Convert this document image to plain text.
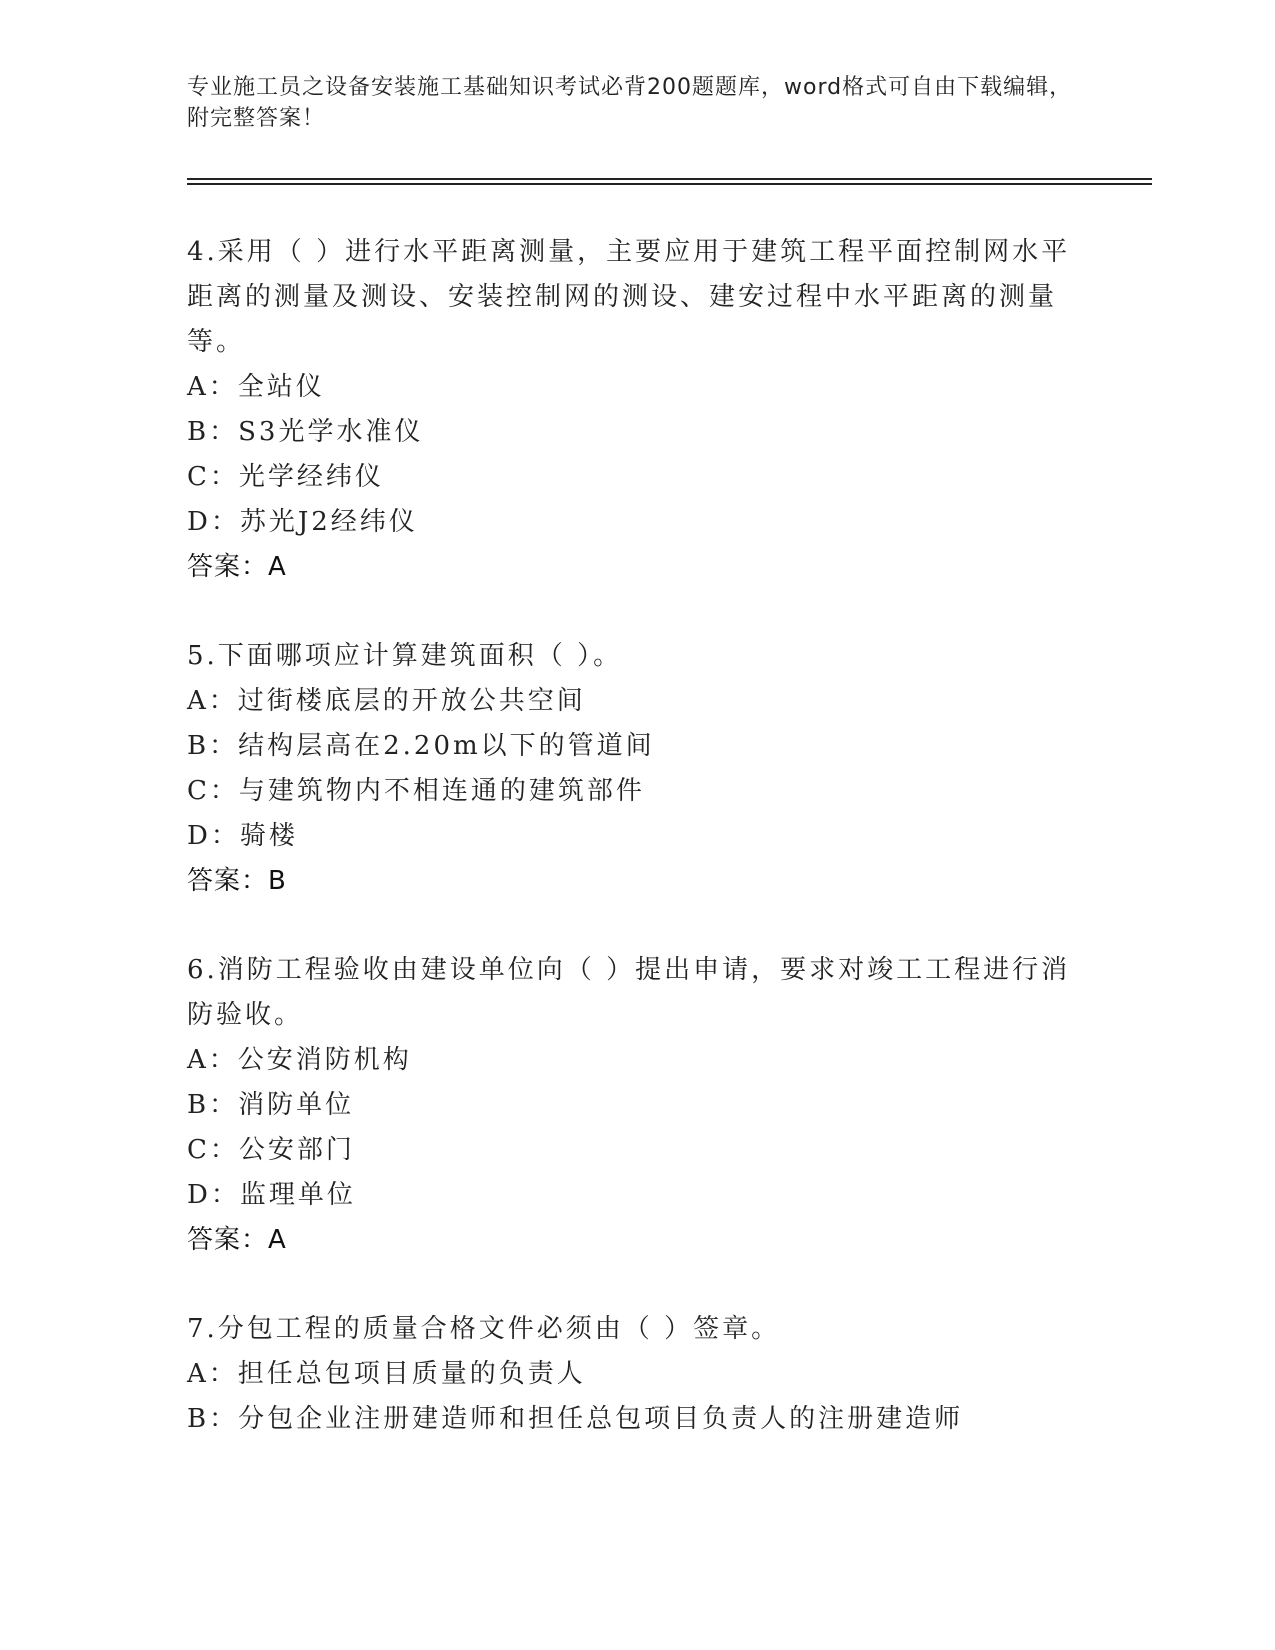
专业施工员之设备安装施工基础知识考试必背200题题库，word格式可自由下载编辑，附完整答案！
4.采用（ ）进行水平距离测量，主要应用于建筑工程平面控制网水平
距离的测量及测设、安装控制网的测设、建安过程中水平距离的测量
等。
A：全站仪
B：S3光学水准仪
C：光学经纬仪
D：苏光J2经纬仪
答案：A
5.下面哪项应计算建筑面积（ ）。
A：过街楼底层的开放公共空间
B：结构层高在2.20m以下的管道间
C：与建筑物内不相连通的建筑部件
D：骑楼
答案：B
6.消防工程验收由建设单位向（ ）提出申请，要求对竣工工程进行消
防验收。
A：公安消防机构
B：消防单位
C：公安部门
D：监理单位
答案：A
7.分包工程的质量合格文件必须由（ ）签章。
A：担任总包项目质量的负责人
B：分包企业注册建造师和担任总包项目负责人的注册建造师
